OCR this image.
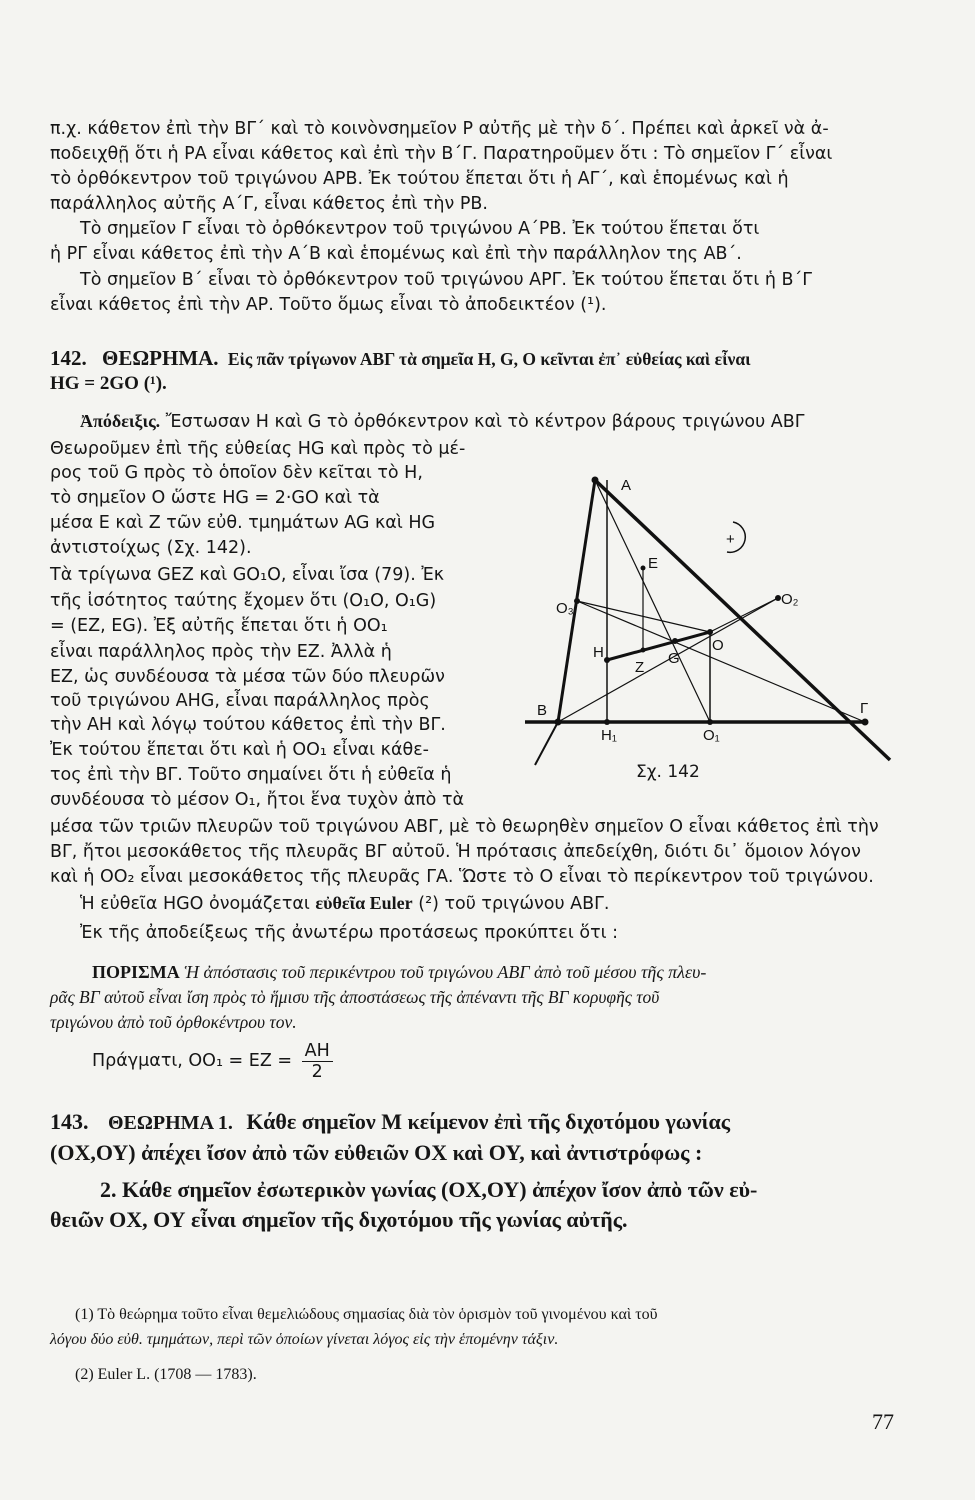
π.χ. κάθετον ἐπὶ τὴν ΒΓ΄ καὶ τὸ κοινὸνσημεῖον Ρ αὐτῆς μὲ τὴν δ΄. Πρέπει καὶ ἀρκεῖ νὰ ἀ-
ποδειχθῇ ὅτι ἡ ΡΑ εἶναι κάθετος καὶ ἐπὶ τὴν Β΄Γ. Παρατηροῦμεν ὅτι : Τὸ σημεῖον Γ΄ εἶναι
τὸ ὀρθόκεντρον τοῦ τριγώνου ΑΡΒ. Ἐκ τούτου ἕπεται ὅτι ἡ ΑΓ΄, καὶ ἑπομένως καὶ ἡ
παράλληλος αὐτῆς Α΄Γ, εἶναι κάθετος ἐπὶ τὴν ΡΒ.
Τὸ σημεῖον Γ εἶναι τὸ ὀρθόκεντρον τοῦ τριγώνου Α΄ΡΒ. Ἐκ τούτου ἕπεται ὅτι
ἡ ΡΓ εἶναι κάθετος ἐπὶ τὴν Α΄Β καὶ ἑπομένως καὶ ἐπὶ τὴν παράλληλον της ΑΒ΄.
Τὸ σημεῖον Β΄ εἶναι τὸ ὀρθόκεντρον τοῦ τριγώνου ΑΡΓ. Ἐκ τούτου ἕπεται ὅτι ἡ Β΄Γ
εἶναι κάθετος ἐπὶ τὴν ΑΡ. Τοῦτο ὅμως εἶναι τὸ ἀποδεικτέον (¹).
142. ΘΕΩΡΗΜΑ. Εἰς πᾶν τρίγωνον ΑΒΓ τὰ σημεῖα Η, G, O κεῖνται ἐπ᾿ εὐθείας καὶ εἶναι
HG = 2GO (¹).
Ἀπόδειξις. Ἔστωσαν Η καὶ G τὸ ὀρθόκεντρον καὶ τὸ κέντρον βάρους τριγώνου ΑΒΓ
Θεωροῦμεν ἐπὶ τῆς εὐθείας HG καὶ πρὸς τὸ μέ-
ρος τοῦ G πρὸς τὸ ὁποῖον δὲν κεῖται τὸ Η,
τὸ σημεῖον Ο ὥστε HG = 2·GO καὶ τὰ
μέσα Ε καὶ Ζ τῶν εὐθ. τμημάτων AG καὶ HG
ἀντιστοίχως (Σχ. 142).
Τὰ τρίγωνα GEZ καὶ GO₁O, εἶναι ἴσα (79). Ἐκ
τῆς ἰσότητος ταύτης ἔχομεν ὅτι (O₁O, O₁G)
= (ΕΖ, ΕG). Ἐξ αὐτῆς ἕπεται ὅτι ἡ ΟΟ₁
εἶναι παράλληλος πρὸς τὴν ΕΖ. Ἀλλὰ ἡ
ΕΖ, ὡς συνδέουσα τὰ μέσα τῶν δύο πλευρῶν
τοῦ τριγώνου ΑΗG, εἶναι παράλληλος πρὸς
τὴν ΑΗ καὶ λόγῳ τούτου κάθετος ἐπὶ τὴν ΒΓ.
Ἐκ τούτου ἕπεται ὅτι καὶ ἡ ΟΟ₁ εἶναι κάθε-
τος ἐπὶ τὴν ΒΓ. Τοῦτο σημαίνει ὅτι ἡ εὐθεῖα ἡ
συνδέουσα τὸ μέσον Ο₁, ἤτοι ἕνα τυχὸν ἀπὸ τὰ
A
B	Γ
H
E
Z
G
O
O₁
O₂
O₃
H₁
+
Σχ. 142
μέσα τῶν τριῶν πλευρῶν τοῦ τριγώνου ΑΒΓ, μὲ τὸ θεωρηθὲν σημεῖον Ο εἶναι κάθετος ἐπὶ τὴν
ΒΓ, ἤτοι μεσοκάθετος τῆς πλευρᾶς ΒΓ αὐτοῦ. Ἡ πρότασις ἀπεδείχθη, διότι δι᾿ ὅμοιον λόγον
καὶ ἡ ΟΟ₂ εἶναι μεσοκάθετος τῆς πλευρᾶς ΓΑ. Ὥστε τὸ Ο εἶναι τὸ περίκεντρον τοῦ τριγώνου.
Ἡ εὐθεῖα HGO ὀνομάζεται εὐθεῖα Euler (²) τοῦ τριγώνου ΑΒΓ.
Ἐκ τῆς ἀποδείξεως τῆς ἀνωτέρω προτάσεως προκύπτει ὅτι :
ΠΟΡΙΣΜΑ Ἡ ἀπόστασις τοῦ περικέντρου τοῦ τριγώνου ΑΒΓ ἀπὸ τοῦ μέσου τῆς πλευ-
ρᾶς ΒΓ αὐτοῦ εἶναι ἴση πρὸς τὸ ἥμισυ τῆς ἀποστάσεως τῆς ἀπέναντι τῆς ΒΓ κορυφῆς τοῦ
τριγώνου ἀπὸ τοῦ ὀρθοκέντρου τον.
Πράγματι, $OO_1 = EZ = \frac{AH}{2}$
143. ΘΕΩΡΗΜΑ 1. Κάθε σημεῖον Μ κείμενον ἐπὶ τῆς διχοτόμου γωνίας
(ΟΧ,ΟΥ) ἀπέχει ἴσον ἀπὸ τῶν εὐθειῶν ΟΧ καὶ ΟΥ, καὶ ἀντιστρόφως :
2. Κάθε σημεῖον ἐσωτερικὸν γωνίας (ΟΧ,ΟΥ) ἀπέχον ἴσον ἀπὸ τῶν εὐ-
θειῶν ΟΧ, ΟΥ εἶναι σημεῖον τῆς διχοτόμου τῆς γωνίας αὐτῆς.
(1) Τὸ θεώρημα τοῦτο εἶναι θεμελιώδους σημασίας διὰ τὸν ὁρισμὸν τοῦ γινομένου καὶ τοῦ
λόγου δύο εὐθ. τμημάτων, περὶ τῶν ὁποίων γίνεται λόγος εἰς τὴν ἑπομένην τάξιν.
(2) Euler L. (1708 — 1783).
77
